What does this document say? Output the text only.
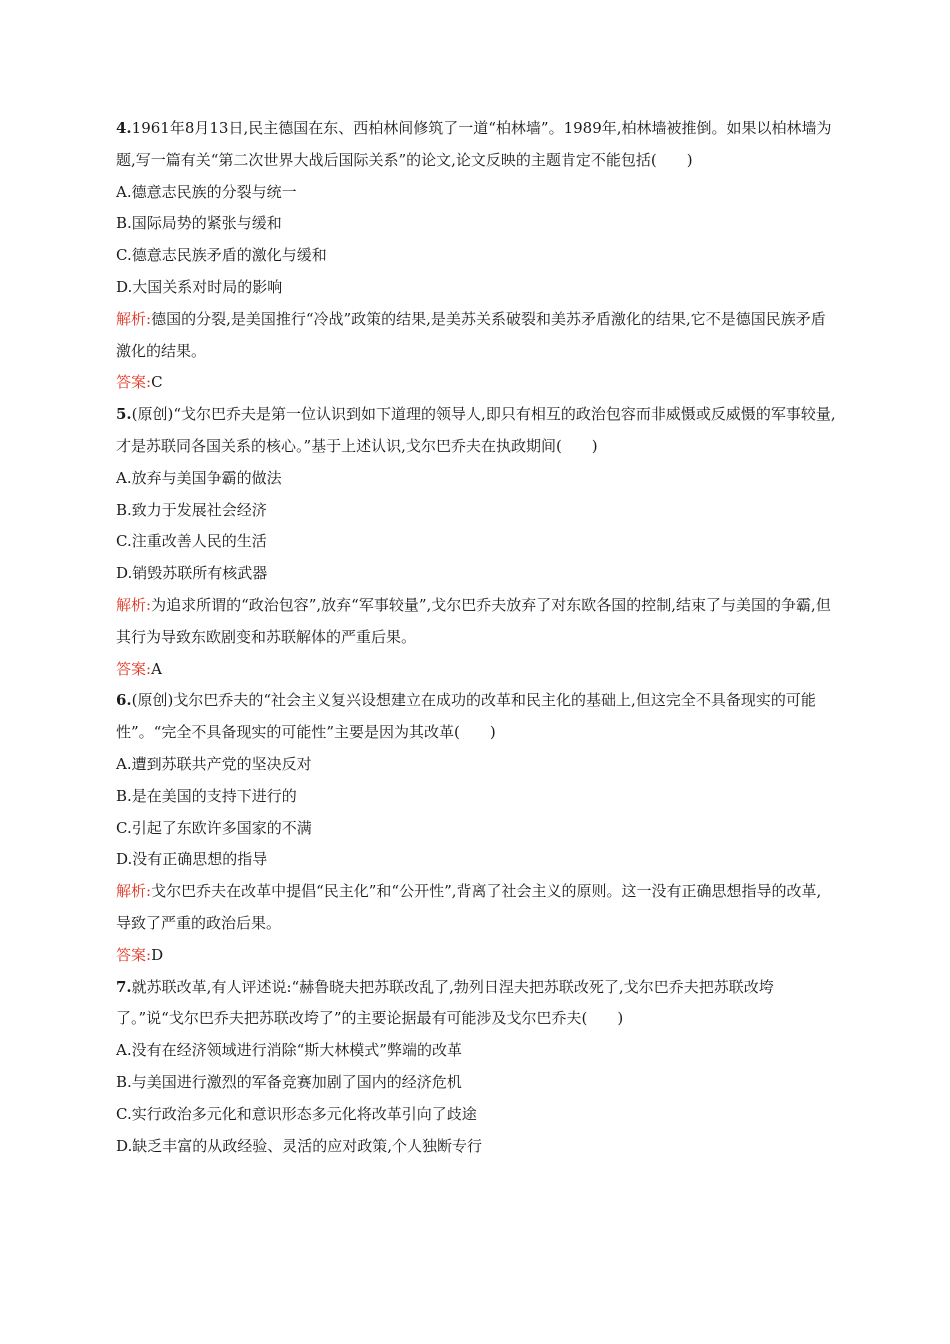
4.1961年8月13日,民主德国在东、西柏林间修筑了一道“柏林墙”。1989年,柏林墙被推倒。如果以柏林墙为题,写一篇有关“第二次世界大战后国际关系”的论文,论文反映的主题肯定不能包括(　　)

A.德意志民族的分裂与统一

B.国际局势的紧张与缓和

C.德意志民族矛盾的激化与缓和

D.大国关系对时局的影响

解析:德国的分裂,是美国推行“冷战”政策的结果,是美苏关系破裂和美苏矛盾激化的结果,它不是德国民族矛盾激化的结果。

答案:C

5.(原创)“戈尔巴乔夫是第一位认识到如下道理的领导人,即只有相互的政治包容而非威慑或反威慑的军事较量,才是苏联同各国关系的核心。”基于上述认识,戈尔巴乔夫在执政期间(　　)

A.放弃与美国争霸的做法

B.致力于发展社会经济

C.注重改善人民的生活

D.销毁苏联所有核武器

解析:为追求所谓的“政治包容”,放弃“军事较量”,戈尔巴乔夫放弃了对东欧各国的控制,结束了与美国的争霸,但其行为导致东欧剧变和苏联解体的严重后果。

答案:A

6.(原创)戈尔巴乔夫的“社会主义复兴设想建立在成功的改革和民主化的基础上,但这完全不具备现实的可能性”。“完全不具备现实的可能性”主要是因为其改革(　　)

A.遭到苏联共产党的坚决反对

B.是在美国的支持下进行的

C.引起了东欧许多国家的不满

D.没有正确思想的指导

解析:戈尔巴乔夫在改革中提倡“民主化”和“公开性”,背离了社会主义的原则。这一没有正确思想指导的改革,导致了严重的政治后果。

答案:D

7.就苏联改革,有人评述说:“赫鲁晓夫把苏联改乱了,勃列日涅夫把苏联改死了,戈尔巴乔夫把苏联改垮了。”说“戈尔巴乔夫把苏联改垮了”的主要论据最有可能涉及戈尔巴乔夫(　　)

A.没有在经济领域进行消除“斯大林模式”弊端的改革

B.与美国进行激烈的军备竞赛加剧了国内的经济危机

C.实行政治多元化和意识形态多元化将改革引向了歧途

D.缺乏丰富的从政经验、灵活的应对政策,个人独断专行
